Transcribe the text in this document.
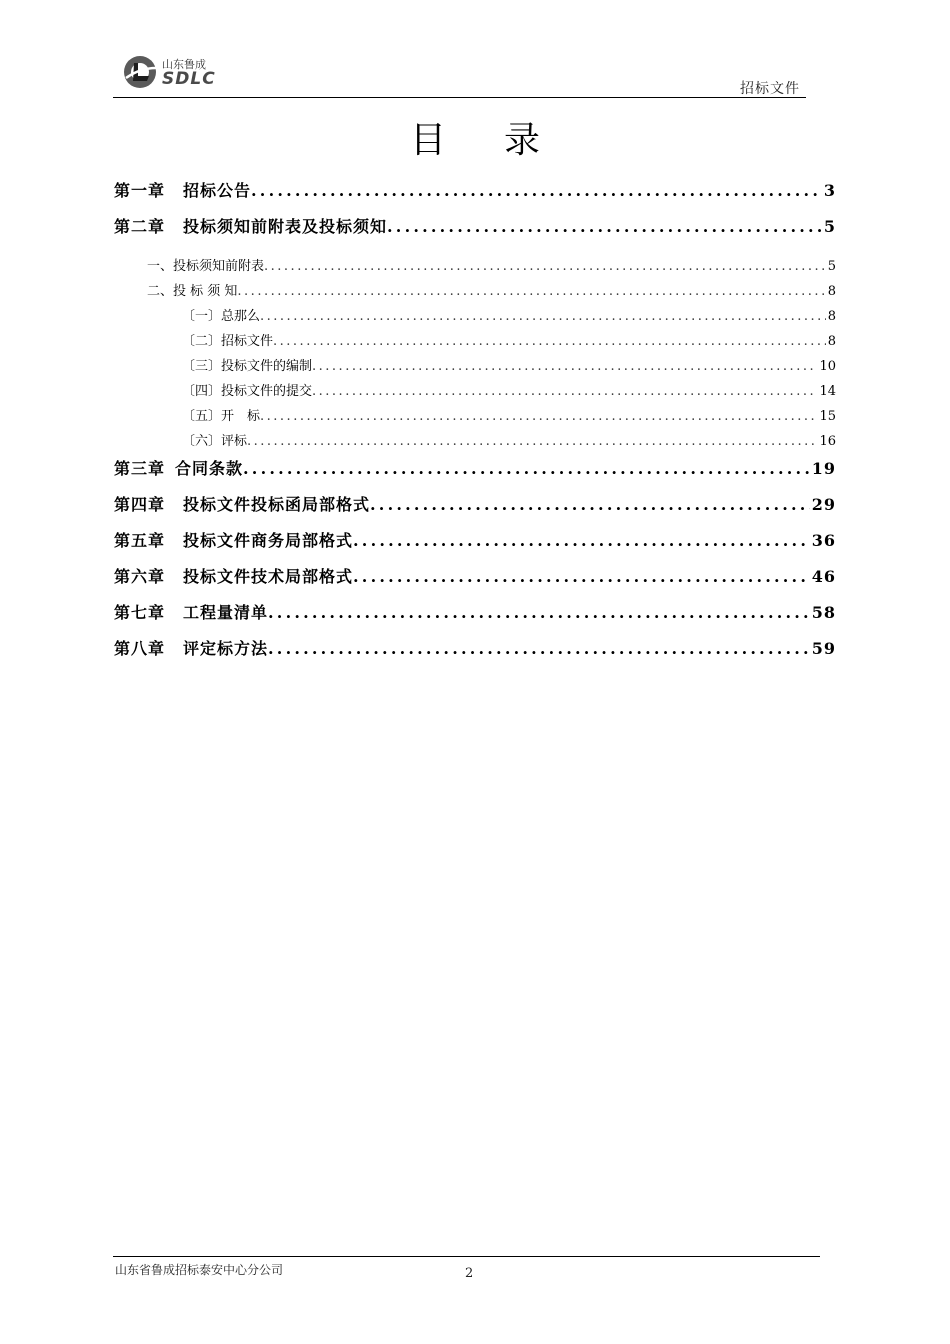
山东鲁成
SDLC	招标文件
目录
第一章 招标公告 .....	3
第二章 投标须知前附表及投标须知 .....	5
一、投标须知前附表 .....	5
二、投 标 须 知 .....	8
〔一〕总那么 .....	8
〔二〕招标文件 .....	8
〔三〕投标文件的编制 .....	10
〔四〕投标文件的提交 .....	14
〔五〕开　标 .....	15
〔六〕评标 .....	16
第三章 合同条款 .....	19
第四章 投标文件投标函局部格式 .....	29
第五章 投标文件商务局部格式 .....	36
第六章 投标文件技术局部格式 .....	46
第七章 工程量清单 .....	58
第八章 评定标方法 .....	59
山东省鲁成招标泰安中心分公司	2
